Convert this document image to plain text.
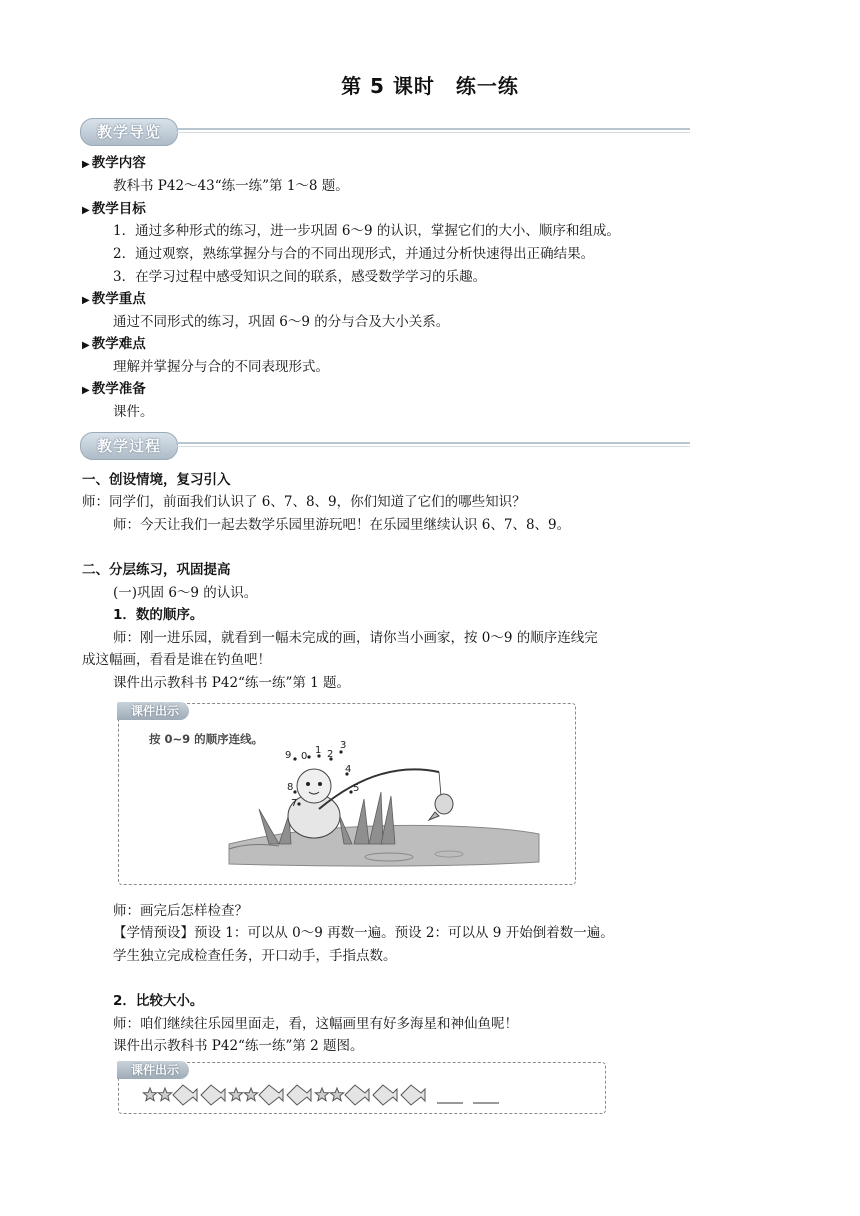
第 5 课时　练一练
教学导览
▶ 教学内容
教科书 P42～43“练一练”第 1～8 题。
▶ 教学目标
1．通过多种形式的练习，进一步巩固 6～9 的认识，掌握它们的大小、顺序和组成。
2．通过观察，熟练掌握分与合的不同出现形式，并通过分析快速得出正确结果。
3．在学习过程中感受知识之间的联系，感受数学学习的乐趣。
▶ 教学重点
通过不同形式的练习，巩固 6～9 的分与合及大小关系。
▶ 教学难点
理解并掌握分与合的不同表现形式。
▶ 教学准备
课件。
教学过程
一、创设情境，复习引入
师：同学们，前面我们认识了 6、7、8、9，你们知道了它们的哪些知识？
师：今天让我们一起去数学乐园里游玩吧！在乐园里继续认识 6、7、8、9。
二、分层练习，巩固提高
(一)巩固 6～9 的认识。
1．数的顺序。
师：刚一进乐园，就看到一幅未完成的画，请你当小画家，按 0～9 的顺序连线完
成这幅画，看看是谁在钓鱼吧！
课件出示教科书 P42“练一练”第 1 题。
课件出示
按 0~9 的顺序连线。
9 0
1 2
3
4
5
8
7
师：画完后怎样检查？
【学情预设】预设 1：可以从 0～9 再数一遍。预设 2：可以从 9 开始倒着数一遍。
学生独立完成检查任务，开口动手，手指点数。
2．比较大小。
师：咱们继续往乐园里面走，看，这幅画里有好多海星和神仙鱼呢！
课件出示教科书 P42“练一练”第 2 题图。
课件出示
